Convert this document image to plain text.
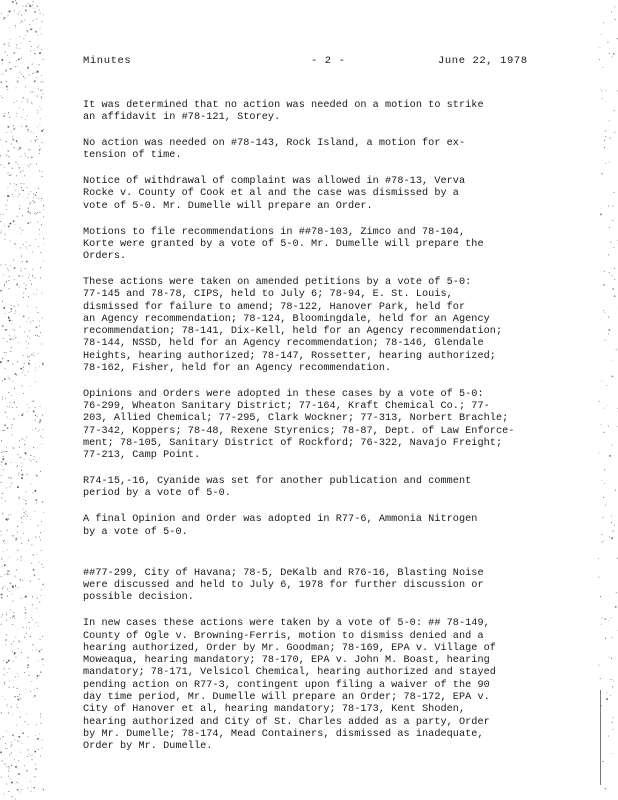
Minutes	- 2 -	June 22, 1978

It was determined that no action was needed on a motion to strike
an affidavit in #78-121, Storey.

No action was needed on #78-143, Rock Island, a motion for ex-
tension of time.

Notice of withdrawal of complaint was allowed in #78-13, Verva
Rocke v. County of Cook et al and the case was dismissed by a
vote of 5-0. Mr. Dumelle will prepare an Order.

Motions to file recommendations in ##78-103, Zimco and 78-104,
Korte were granted by a vote of 5-0. Mr. Dumelle will prepare the
Orders.

These actions were taken on amended petitions by a vote of 5-0:
77-145 and 78-78, CIPS, held to July 6; 78-94, E. St. Louis,
dismissed for failure to amend; 78-122, Hanover Park, held for
an Agency recommendation; 78-124, Bloomingdale, held for an Agency
recommendation; 78-141, Dix-Kell, held for an Agency recommendation;
78-144, NSSD, held for an Agency recommendation; 78-146, Glendale
Heights, hearing authorized; 78-147, Rossetter, hearing authorized;
78-162, Fisher, held for an Agency recommendation.

Opinions and Orders were adopted in these cases by a vote of 5-0:
76-299, Wheaton Sanitary District; 77-164, Kraft Chemical Co.; 77-
203, Allied Chemical; 77-295, Clark Wockner; 77-313, Norbert Brachle;
77-342, Koppers; 78-48, Rexene Styrenics; 78-87, Dept. of Law Enforce-
ment; 78-105, Sanitary District of Rockford; 76-322, Navajo Freight;
77-213, Camp Point.

R74-15,-16, Cyanide was set for another publication and comment
period by a vote of 5-0.

A final Opinion and Order was adopted in R77-6, Ammonia Nitrogen
by a vote of 5-0.

##77-299, City of Havana; 78-5, DeKalb and R76-16, Blasting Noise
were discussed and held to July 6, 1978 for further discussion or
possible decision.

In new cases these actions were taken by a vote of 5-0: ## 78-149,
County of Ogle v. Browning-Ferris, motion to dismiss denied and a
hearing authorized, Order by Mr. Goodman; 78-169, EPA v. Village of
Moweaqua, hearing mandatory; 78-170, EPA v. John M. Boast, hearing
mandatory; 78-171, Velsicol Chemical, hearing authorized and stayed
pending action on R77-3, contingent upon filing a waiver of the 90
day time period, Mr. Dumelle will prepare an Order; 78-172, EPA v.
City of Hanover et al, hearing mandatory; 78-173, Kent Shoden,
hearing authorized and City of St. Charles added as a party, Order
by Mr. Dumelle; 78-174, Mead Containers, dismissed as inadequate,
Order by Mr. Dumelle.
